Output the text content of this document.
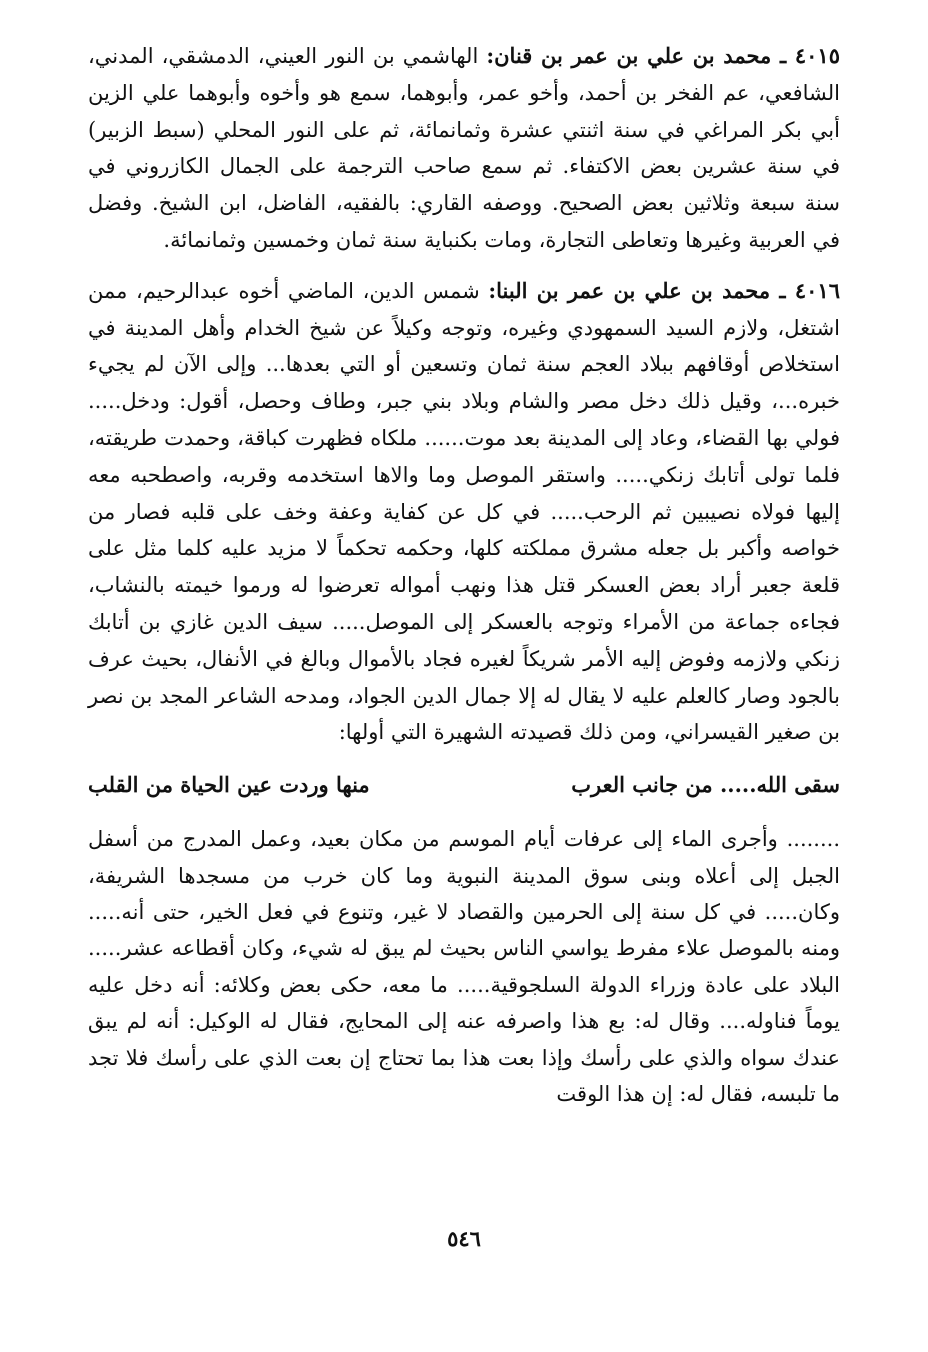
٤٠١٥ ـ محمد بن علي بن عمر بن قنان: الهاشمي بن النور العيني، الدمشقي، المدني، الشافعي، عم الفخر بن أحمد، وأخو عمر، وأبوهما، سمع هو وأخوه وأبوهما علي الزين أبي بكر المراغي في سنة اثنتي عشرة وثمانمائة، ثم على النور المحلي (سبط الزبير) في سنة عشرين بعض الاكتفاء. ثم سمع صاحب الترجمة على الجمال الكازروني في سنة سبعة وثلاثين بعض الصحيح. ووصفه القاري: بالفقيه، الفاضل، ابن الشيخ. وفضل في العربية وغيرها وتعاطى التجارة، ومات بكنباية سنة ثمان وخمسين وثمانمائة.

٤٠١٦ ـ محمد بن علي بن عمر بن البنا: شمس الدين، الماضي أخوه عبدالرحيم، ممن اشتغل، ولازم السيد السمهودي وغيره، وتوجه وكيلاً عن شيخ الخدام وأهل المدينة في استخلاص أوقافهم ببلاد العجم سنة ثمان وتسعين أو التي بعدها... وإلى الآن لم يجيء خبره...، وقيل ذلك دخل مصر والشام وبلاد بني جبر، وطاف وحصل، أقول: ودخل..... فولي بها القضاء، وعاد إلى المدينة بعد موت...... ملكاه فظهرت كباقة، وحمدت طريقته، فلما تولى أتابك زنكي..... واستقر الموصل وما والاها استخدمه وقربه، واصطحبه معه إليها فولاه نصيبين ثم الرحب..... في كل عن كفاية وعفة وخف على قلبه فصار من خواصه وأكبر بل جعله مشرق مملكته كلها، وحكمه تحكماً لا مزيد عليه كلما مثل على قلعة جعبر أراد بعض العسكر قتل هذا ونهب أمواله تعرضوا له ورموا خيمته بالنشاب، فجاءه جماعة من الأمراء وتوجه بالعسكر إلى الموصل..... سيف الدين غازي بن أتابك زنكي ولازمه وفوض إليه الأمر شريكاً لغيره فجاد بالأموال وبالغ في الأنفال، بحيث عرف بالجود وصار كالعلم عليه لا يقال له إلا جمال الدين الجواد، ومدحه الشاعر المجد بن نصر بن صغير القيسراني، ومن ذلك قصيدته الشهيرة التي أولها:

سقى الله..... من جانب العرب
منها وردت عين الحياة من القلب

........ وأجرى الماء إلى عرفات أيام الموسم من مكان بعيد، وعمل المدرج من أسفل الجبل إلى أعلاه وبنى سوق المدينة النبوية وما كان خرب من مسجدها الشريفة، وكان..... في كل سنة إلى الحرمين والقصاد لا غير، وتنوع في فعل الخير، حتى أنه..... ومنه بالموصل علاء مفرط يواسي الناس بحيث لم يبق له شيء، وكان أقطاعه عشر..... البلاد على عادة وزراء الدولة السلجوقية..... ما معه، حكى بعض وكلائه: أنه دخل عليه يوماً فناوله.... وقال له: بع هذا واصرفه عنه إلى المحايج، فقال له الوكيل: أنه لم يبق عندك سواه والذي على رأسك وإذا بعت هذا بما تحتاج إن بعت الذي على رأسك فلا تجد ما تلبسه، فقال له: إن هذا الوقت

٥٤٦
